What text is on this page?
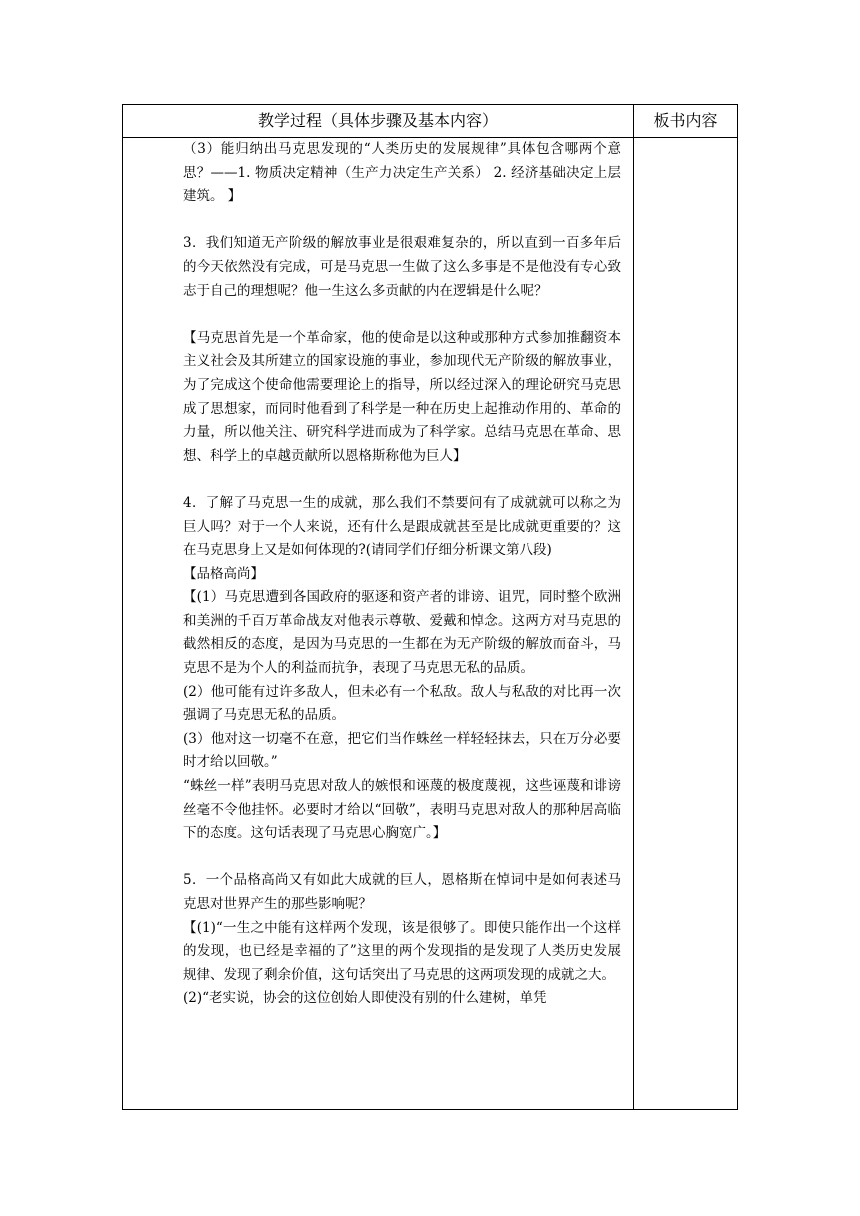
教学过程（具体步骤及基本内容）	板书内容

（3）能归纳出马克思发现的“人类历史的发展规律”具体包含哪两个意思？——1. 物质决定精神（生产力决定生产关系） 2. 经济基础决定上层建筑。 】

3．我们知道无产阶级的解放事业是很艰难复杂的，所以直到一百多年后的今天依然没有完成，可是马克思一生做了这么多事是不是他没有专心致志于自己的理想呢？他一生这么多贡献的内在逻辑是什么呢？

【马克思首先是一个革命家，他的使命是以这种或那种方式参加推翻资本主义社会及其所建立的国家设施的事业，参加现代无产阶级的解放事业，为了完成这个使命他需要理论上的指导，所以经过深入的理论研究马克思成了思想家，而同时他看到了科学是一种在历史上起推动作用的、革命的力量，所以他关注、研究科学进而成为了科学家。总结马克思在革命、思想、科学上的卓越贡献所以恩格斯称他为巨人】

4．了解了马克思一生的成就，那么我们不禁要问有了成就就可以称之为巨人吗？对于一个人来说，还有什么是跟成就甚至是比成就更重要的？这在马克思身上又是如何体现的?(请同学们仔细分析课文第八段)

【品格高尚】

【(1）马克思遭到各国政府的驱逐和资产者的诽谤、诅咒，同时整个欧洲和美洲的千百万革命战友对他表示尊敬、爱戴和悼念。这两方对马克思的截然相反的态度，是因为马克思的一生都在为无产阶级的解放而奋斗，马克思不是为个人的利益而抗争，表现了马克思无私的品质。

(2）他可能有过许多敌人，但未必有一个私敌。敌人与私敌的对比再一次强调了马克思无私的品质。

(3）他对这一切毫不在意，把它们当作蛛丝一样轻轻抹去，只在万分必要时才给以回敬。”

“蛛丝一样”表明马克思对敌人的嫉恨和诬蔑的极度蔑视，这些诬蔑和诽谤丝毫不令他挂怀。必要时才给以“回敬”，表明马克思对敌人的那种居高临下的态度。这句话表现了马克思心胸宽广。】

5．一个品格高尚又有如此大成就的巨人，恩格斯在悼词中是如何表述马克思对世界产生的那些影响呢？

【(1)“一生之中能有这样两个发现，该是很够了。即使只能作出一个这样的发现，也已经是幸福的了”这里的两个发现指的是发现了人类历史发展规律、发现了剩余价值，这句话突出了马克思的这两项发现的成就之大。

(2)“老实说，协会的这位创始人即使没有别的什么建树，单凭
